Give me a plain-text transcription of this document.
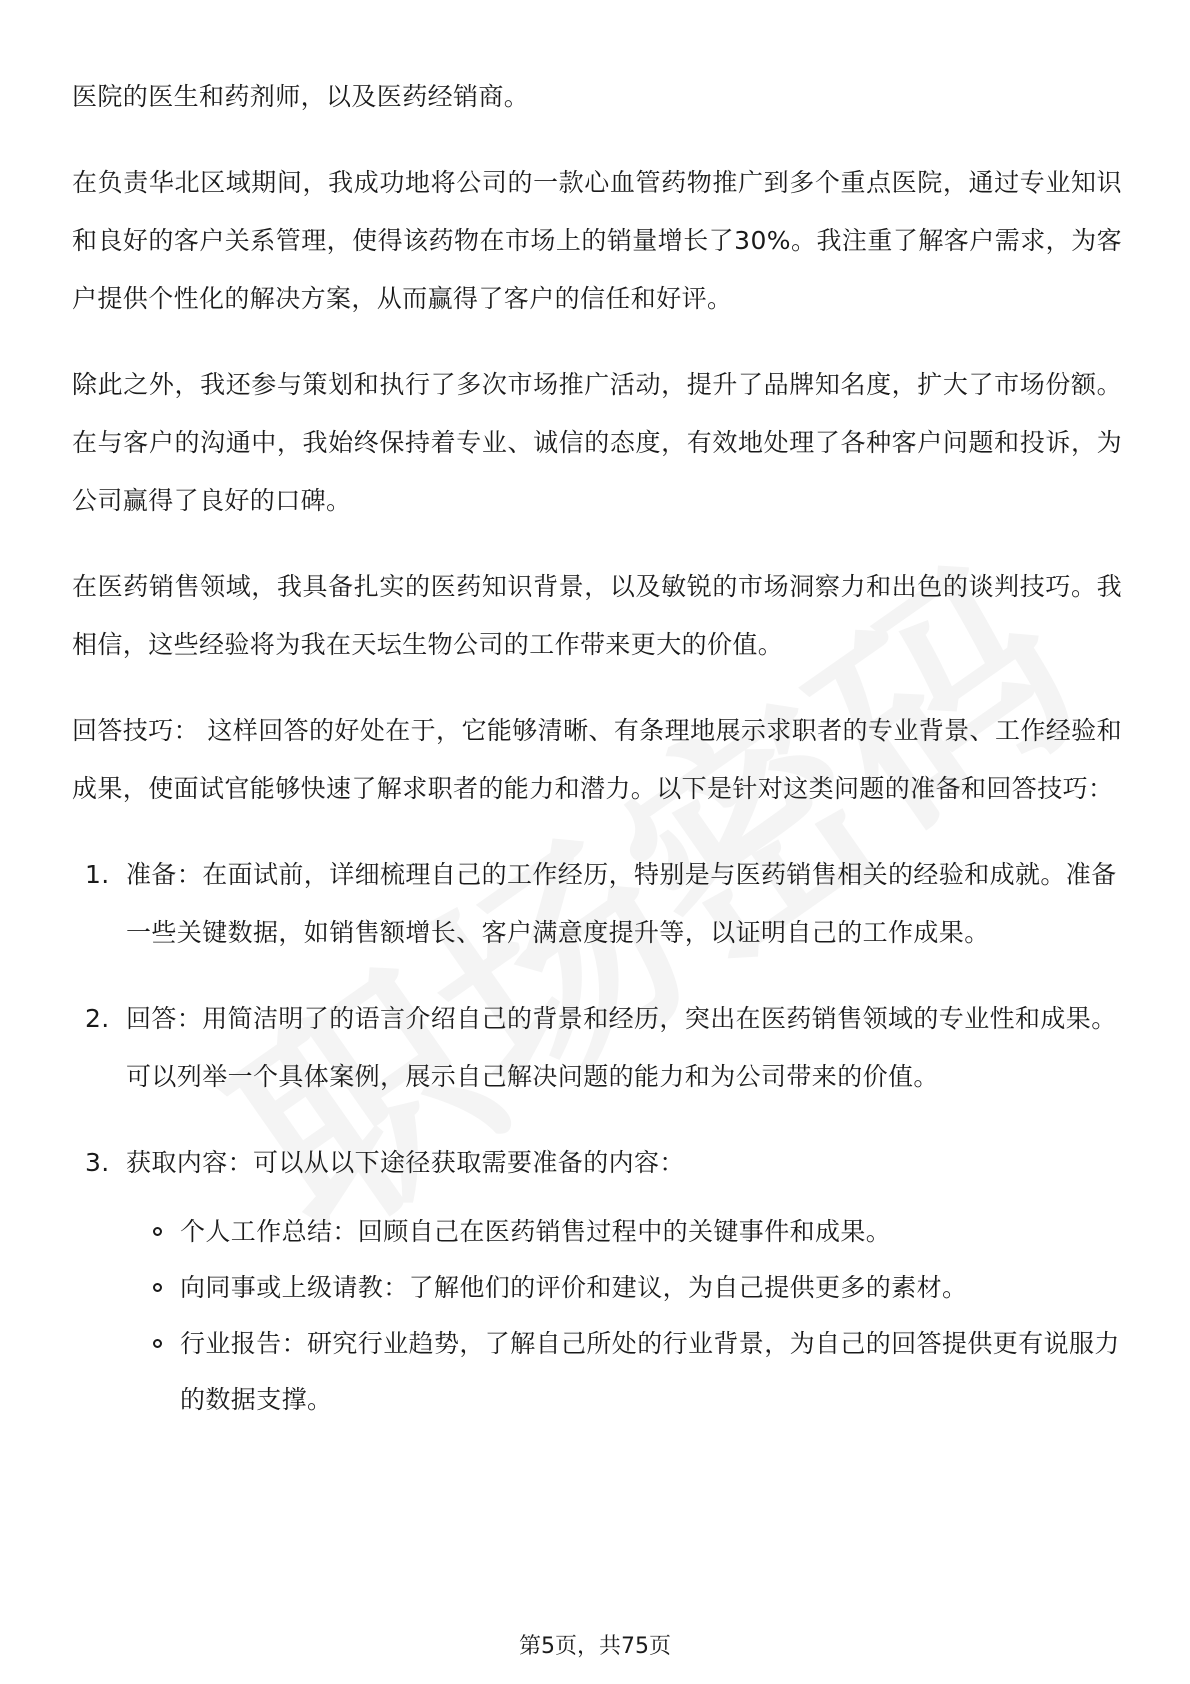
医院的医生和药剂师，以及医药经销商。

在负责华北区域期间，我成功地将公司的一款心血管药物推广到多个重点医院，通过专业知识和良好的客户关系管理，使得该药物在市场上的销量增长了30%。我注重了解客户需求，为客户提供个性化的解决方案，从而赢得了客户的信任和好评。

除此之外，我还参与策划和执行了多次市场推广活动，提升了品牌知名度，扩大了市场份额。在与客户的沟通中，我始终保持着专业、诚信的态度，有效地处理了各种客户问题和投诉，为公司赢得了良好的口碑。

在医药销售领域，我具备扎实的医药知识背景，以及敏锐的市场洞察力和出色的谈判技巧。我相信，这些经验将为我在天坛生物公司的工作带来更大的价值。

回答技巧： 这样回答的好处在于，它能够清晰、有条理地展示求职者的专业背景、工作经验和成果，使面试官能够快速了解求职者的能力和潜力。以下是针对这类问题的准备和回答技巧：

1. 准备：在面试前，详细梳理自己的工作经历，特别是与医药销售相关的经验和成就。准备一些关键数据，如销售额增长、客户满意度提升等，以证明自己的工作成果。
2. 回答：用简洁明了的语言介绍自己的背景和经历，突出在医药销售领域的专业性和成果。可以列举一个具体案例，展示自己解决问题的能力和为公司带来的价值。
3. 获取内容：可以从以下途径获取需要准备的内容：
个人工作总结：回顾自己在医药销售过程中的关键事件和成果。
向同事或上级请教：了解他们的评价和建议，为自己提供更多的素材。
行业报告：研究行业趋势，了解自己所处的行业背景，为自己的回答提供更有说服力的数据支撑。
第5页，共75页
